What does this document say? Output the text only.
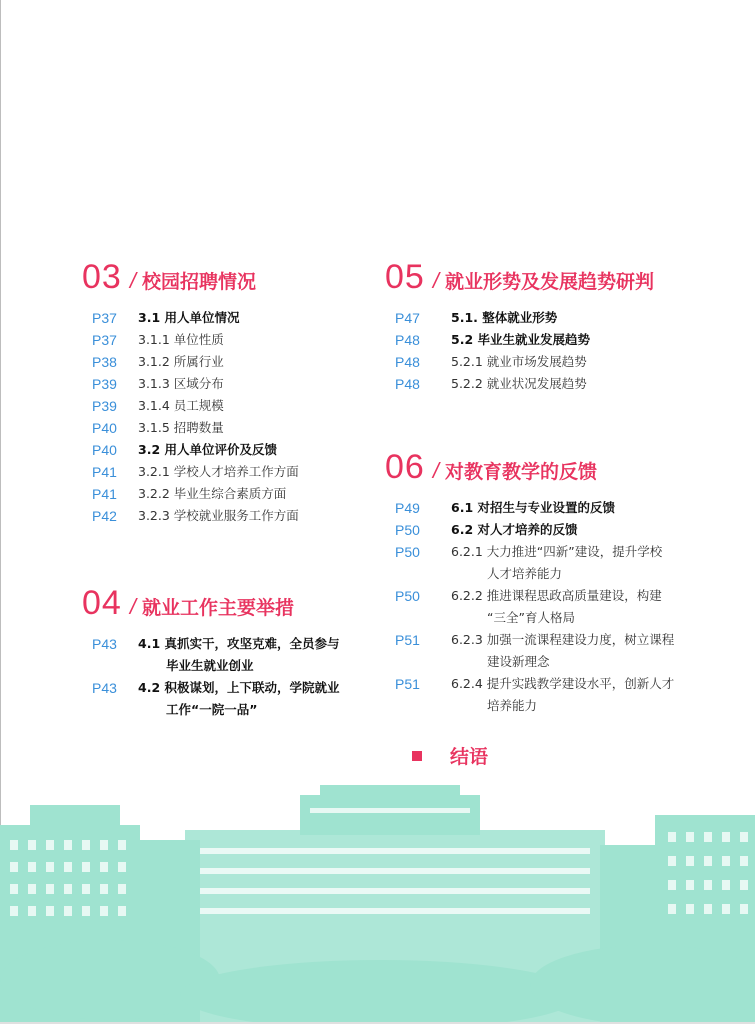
03 / 校园招聘情况
P37	3.1 用人单位情况
P37	3.1.1 单位性质
P38	3.1.2 所属行业
P39	3.1.3 区域分布
P39	3.1.4 员工规模
P40	3.1.5 招聘数量
P40	3.2 用人单位评价及反馈
P41	3.2.1 学校人才培养工作方面
P41	3.2.2 毕业生综合素质方面
P42	3.2.3 学校就业服务工作方面
04 / 就业工作主要举措
P43	4.1 真抓实干，攻坚克难，全员参与
毕业生就业创业
P43	4.2 积极谋划，上下联动，学院就业
工作“一院一品”
05 / 就业形势及发展趋势研判
P47	5.1. 整体就业形势
P48	5.2 毕业生就业发展趋势
P48	5.2.1 就业市场发展趋势
P48	5.2.2 就业状况发展趋势
06 / 对教育教学的反馈
P49	6.1 对招生与专业设置的反馈
P50	6.2 对人才培养的反馈
P50	6.2.1 大力推进“四新”建设，提升学校
人才培养能力
P50	6.2.2 推进课程思政高质量建设，构建
“三全”育人格局
P51	6.2.3 加强一流课程建设力度，树立课程
建设新理念
P51	6.2.4 提升实践教学建设水平，创新人才
培养能力
结语
